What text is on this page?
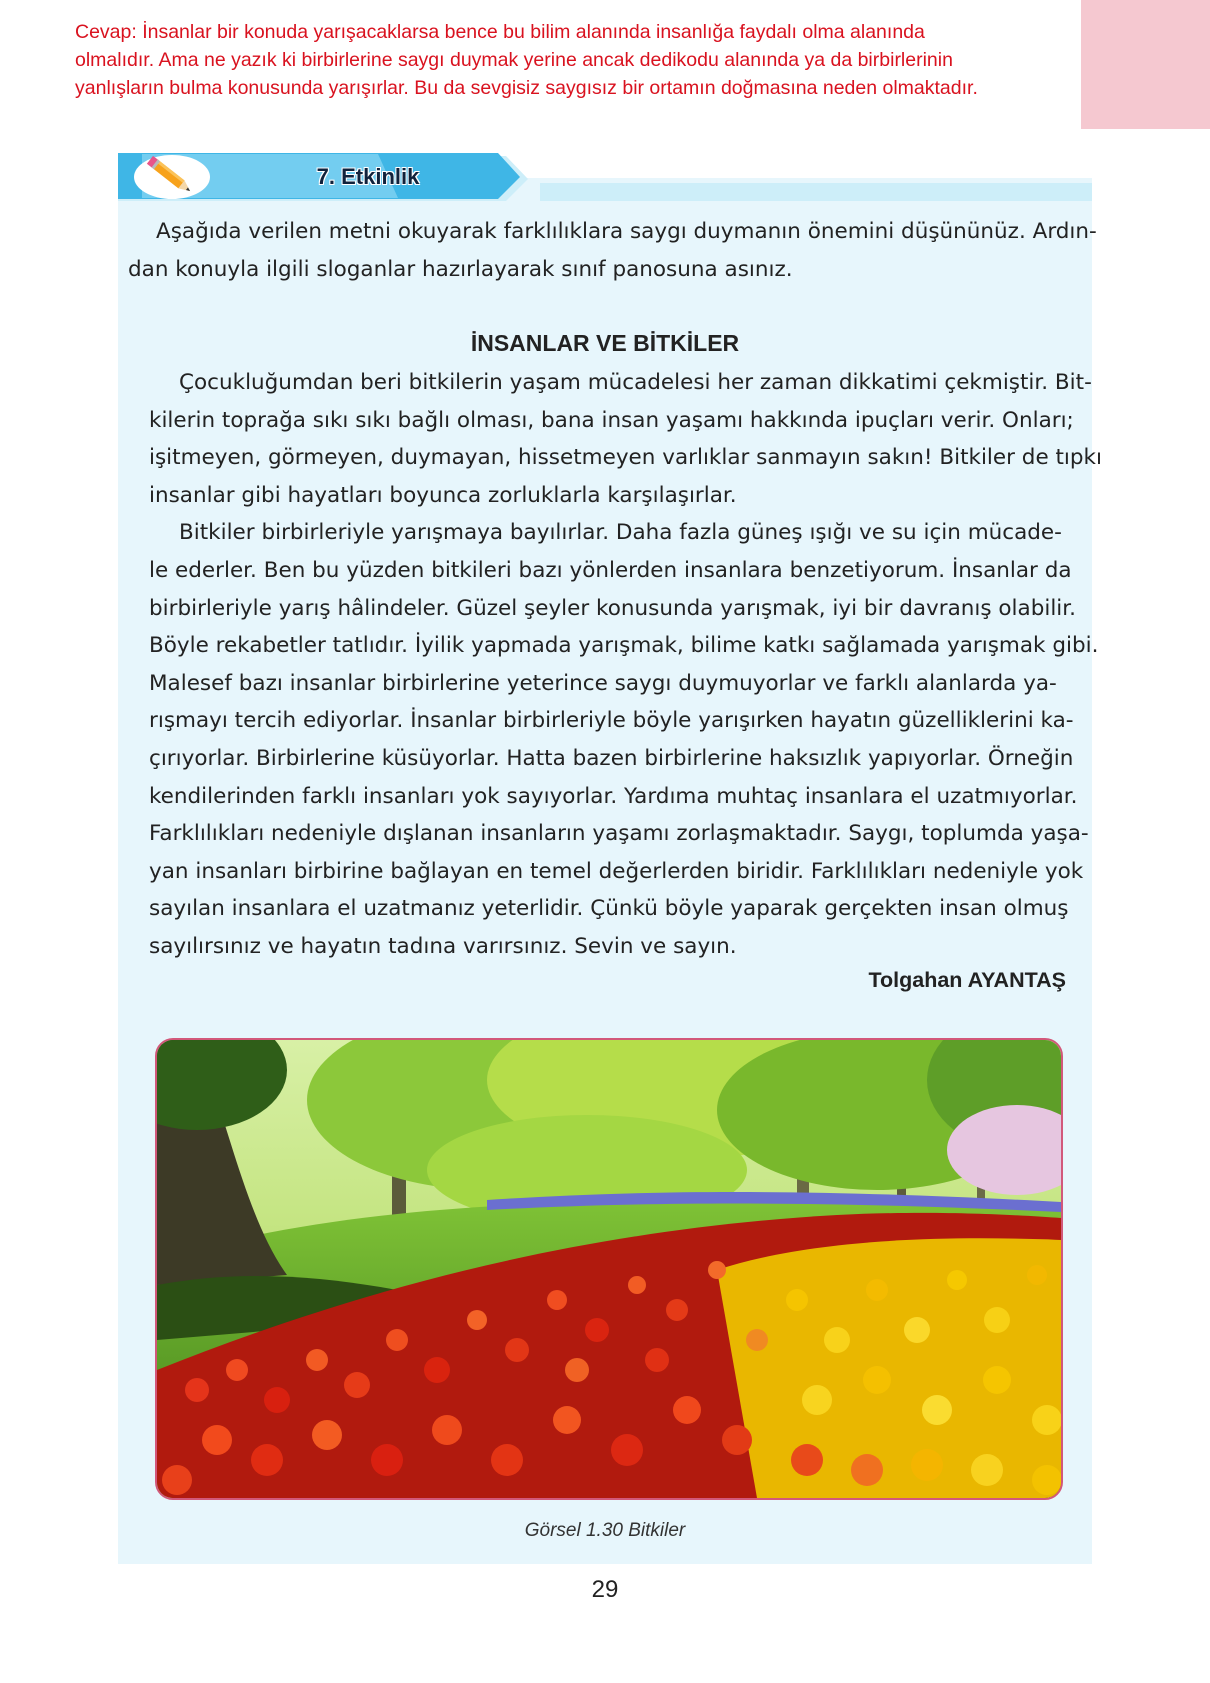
Cevap: İnsanlar bir konuda yarışacaklarsa bence bu bilim alanında insanlığa faydalı olma alanında

olmalıdır. Ama ne yazık ki birbirlerine saygı duymak yerine ancak dedikodu alanında ya da birbirlerinin

yanlışların bulma konusunda yarışırlar. Bu da sevgisiz saygısız bir ortamın doğmasına neden olmaktadır.

7. Etkinlik

Aşağıda verilen metni okuyarak farklılıklara saygı duymanın önemini düşününüz. Ardın-

dan konuyla ilgili sloganlar hazırlayarak sınıf panosuna asınız.

İNSANLAR VE BİTKİLER

Çocukluğumdan beri bitkilerin yaşam mücadelesi her zaman dikkatimi çekmiştir. Bit-

kilerin toprağa sıkı sıkı bağlı olması, bana insan yaşamı hakkında ipuçları verir. Onları;

işitmeyen, görmeyen, duymayan, hissetmeyen varlıklar sanmayın sakın! Bitkiler de tıpkı

insanlar gibi hayatları boyunca zorluklarla karşılaşırlar.

Bitkiler birbirleriyle yarışmaya bayılırlar. Daha fazla güneş ışığı ve su için mücade-

le ederler. Ben bu yüzden bitkileri bazı yönlerden insanlara benzetiyorum. İnsanlar da

birbirleriyle yarış hâlindeler. Güzel şeyler konusunda yarışmak, iyi bir davranış olabilir.

Böyle rekabetler tatlıdır. İyilik yapmada yarışmak, bilime katkı sağlamada yarışmak gibi.

Malesef bazı insanlar birbirlerine yeterince saygı duymuyorlar ve farklı alanlarda ya-

rışmayı tercih ediyorlar. İnsanlar birbirleriyle böyle yarışırken hayatın güzelliklerini ka-

çırıyorlar. Birbirlerine küsüyorlar. Hatta bazen birbirlerine haksızlık yapıyorlar. Örneğin

kendilerinden farklı insanları yok sayıyorlar. Yardıma muhtaç insanlara el uzatmıyorlar.

Farklılıkları nedeniyle dışlanan insanların yaşamı zorlaşmaktadır. Saygı, toplumda yaşa-

yan insanları birbirine bağlayan en temel değerlerden biridir. Farklılıkları nedeniyle yok

sayılan insanlara el uzatmanız yeterlidir. Çünkü böyle yaparak gerçekten insan olmuş

sayılırsınız ve hayatın tadına varırsınız. Sevin ve sayın.

Tolgahan AYANTAŞ
Görsel 1.30 Bitkiler
29
